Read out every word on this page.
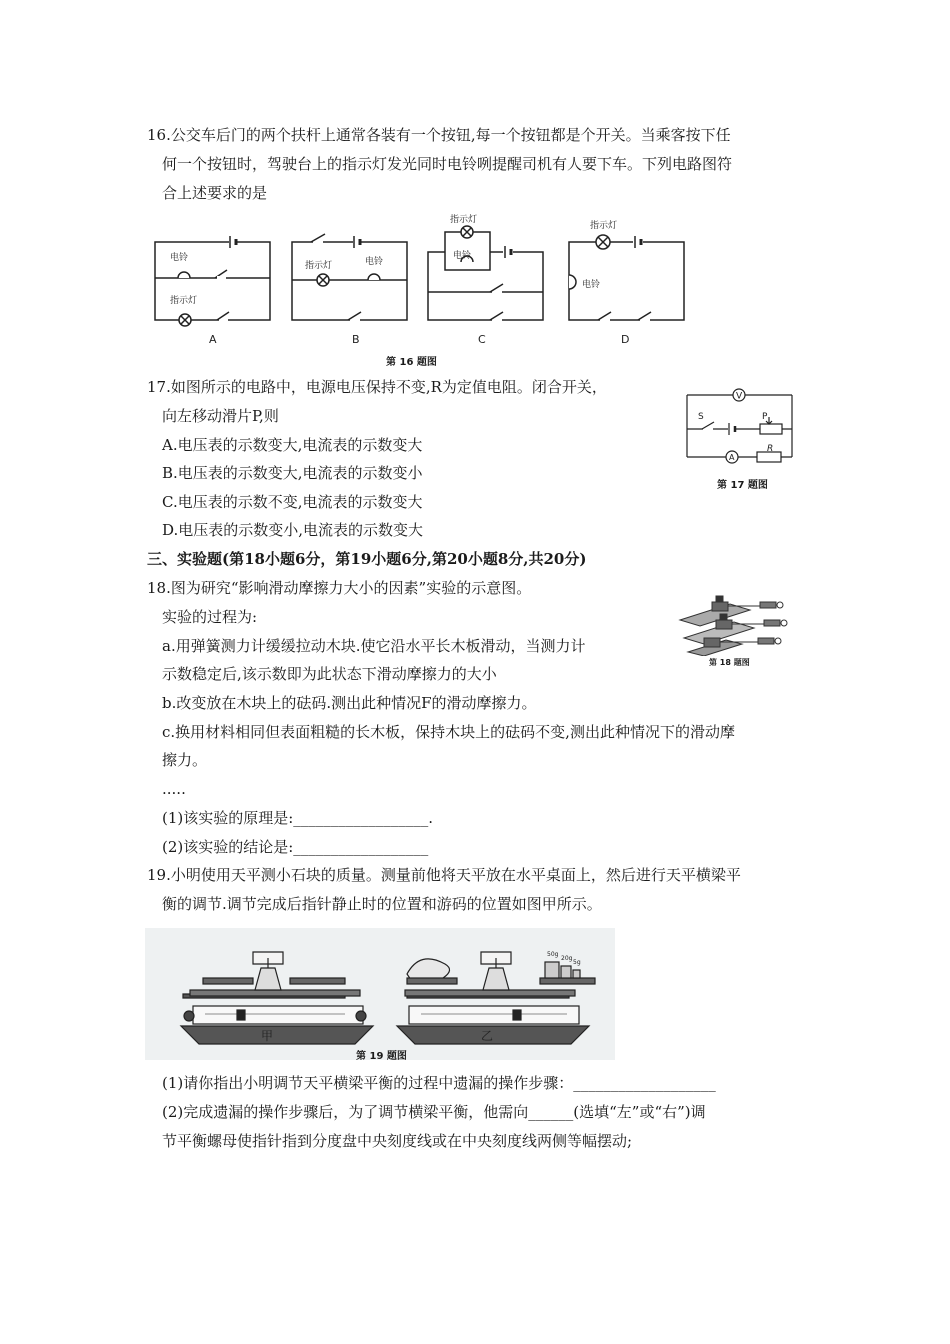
16.公交车后门的两个扶杆上通常各装有一个按钮,每一个按钮都是个开关。当乘客按下任
何一个按钮时，驾驶台上的指示灯发光同时电铃咧提醒司机有人要下车。下列电路图符
合上述要求的是
电铃
指示灯
A
指示灯	电铃
B
指示灯
电铃
C
指示灯
电铃
D
第 16 题图
17.如图所示的电路中，电源电压保持不变,R为定值电阻。闭合开关，
向左移动滑片P,则
A.电压表的示数变大,电流表的示数变大
B.电压表的示数变大,电流表的示数变小
C.电压表的示数不变,电流表的示数变大
D.电压表的示数变小,电流表的示数变大
V
A
S	P
R
第 17 题图
三、实验题(第18小题6分，第19小题6分,第20小题8分,共20分)
18.图为研究“影响滑动摩擦力大小的因素”实验的示意图。
实验的过程为:
a.用弹簧测力计缓缓拉动木块.使它沿水平长木板滑动，当测力计
示数稳定后,该示数即为此状态下滑动摩擦力的大小
b.改变放在木块上的砝码.测出此种情况F的滑动摩擦力。
c.换用材料相同但表面粗糙的长木板，保持木块上的砝码不变,测出此种情况下的滑动摩
擦力。
.....
(1)该实验的原理是:__________________.
(2)该实验的结论是:__________________
第 18 题图
19.小明使用天平测小石块的质量。测量前他将天平放在水平桌面上，然后进行天平横梁平
衡的调节.调节完成后指针静止时的位置和游码的位置如图甲所示。
甲	乙
50g
20g
5g
第 19 题图
(1)请你指出小明调节天平横梁平衡的过程中遗漏的操作步骤：___________________
(2)完成遗漏的操作步骤后，为了调节横梁平衡，他需向______(选填“左”或“右”)调
节平衡螺母使指针指到分度盘中央刻度线或在中央刻度线两侧等幅摆动;
